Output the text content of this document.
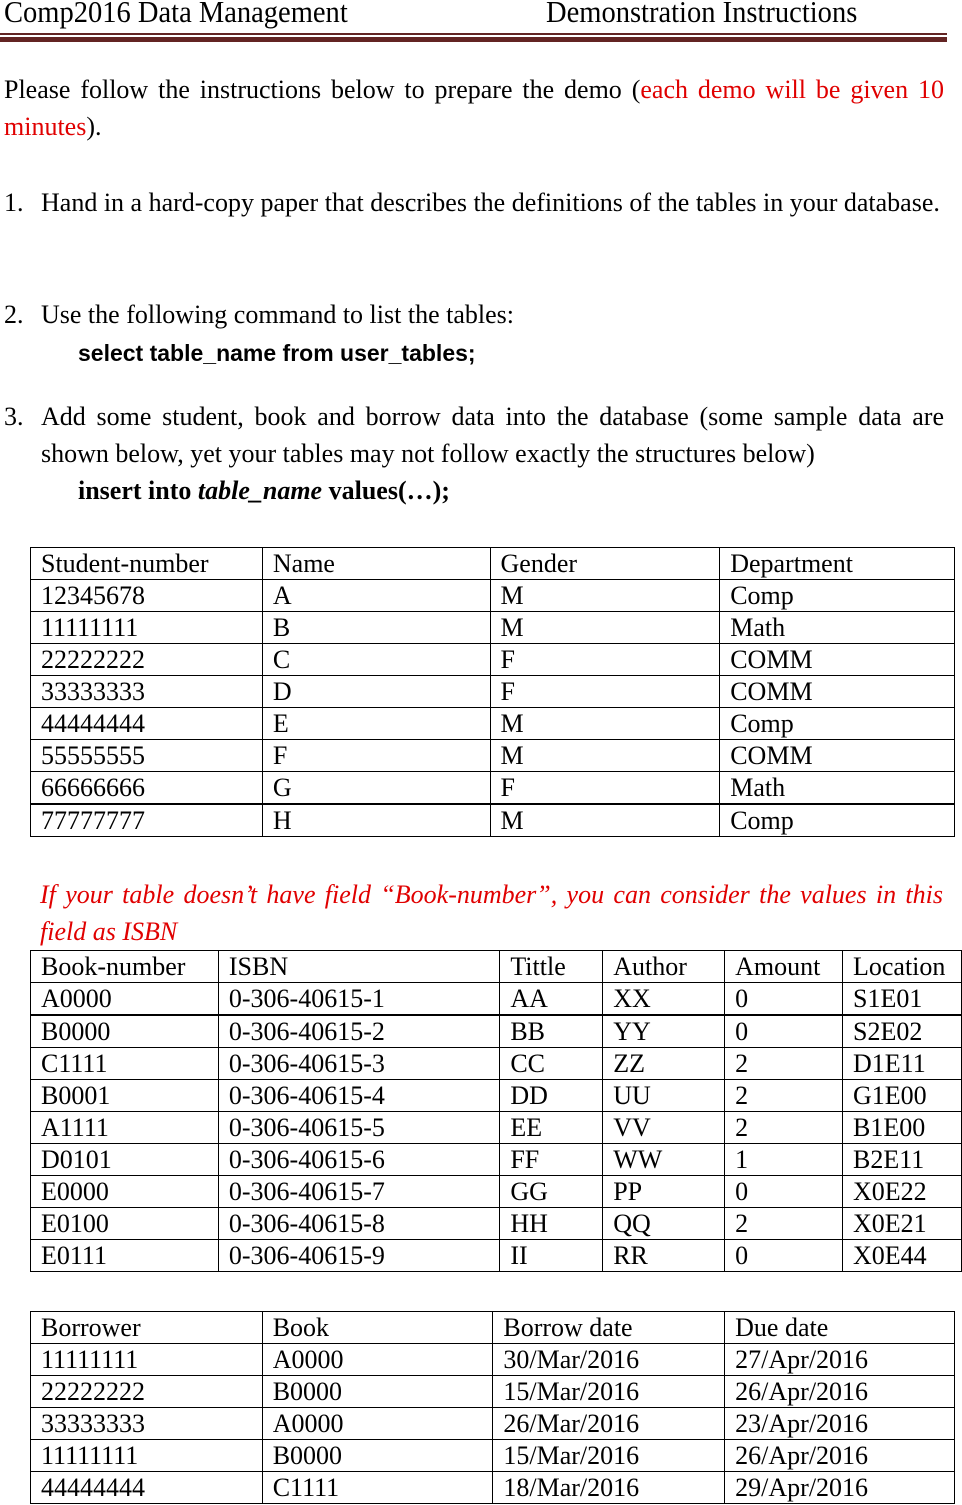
Comp2016 Data Management	Demonstration Instructions
Please follow the instructions below to prepare the demo (each demo will be given 10 minutes).
1. Hand in a hard-copy paper that describes the definitions of the tables in your database.
2. Use the following command to list the tables:
select table_name from user_tables;
3. Add some student, book and borrow data into the database (some sample data are shown below, yet your tables may not follow exactly the structures below)
insert into table_name values(…);
Student-number	Name	Gender	Department
12345678	A	M	Comp
11111111	B	M	Math
22222222	C	F	COMM
33333333	D	F	COMM
44444444	E	M	Comp
55555555	F	M	COMM
66666666	G	F	Math
77777777	H	M	Comp
If your table doesn’t have field “Book-number”, you can consider the values in this field as ISBN
Book-number	ISBN	Tittle	Author	Amount	Location
A0000	0-306-40615-1	AA	XX	0	S1E01
B0000	0-306-40615-2	BB	YY	0	S2E02
C1111	0-306-40615-3	CC	ZZ	2	D1E11
B0001	0-306-40615-4	DD	UU	2	G1E00
A1111	0-306-40615-5	EE	VV	2	B1E00
D0101	0-306-40615-6	FF	WW	1	B2E11
E0000	0-306-40615-7	GG	PP	0	X0E22
E0100	0-306-40615-8	HH	QQ	2	X0E21
E0111	0-306-40615-9	II	RR	0	X0E44
Borrower	Book	Borrow date	Due date
11111111	A0000	30/Mar/2016	27/Apr/2016
22222222	B0000	15/Mar/2016	26/Apr/2016
33333333	A0000	26/Mar/2016	23/Apr/2016
11111111	B0000	15/Mar/2016	26/Apr/2016
44444444	C1111	18/Mar/2016	29/Apr/2016
